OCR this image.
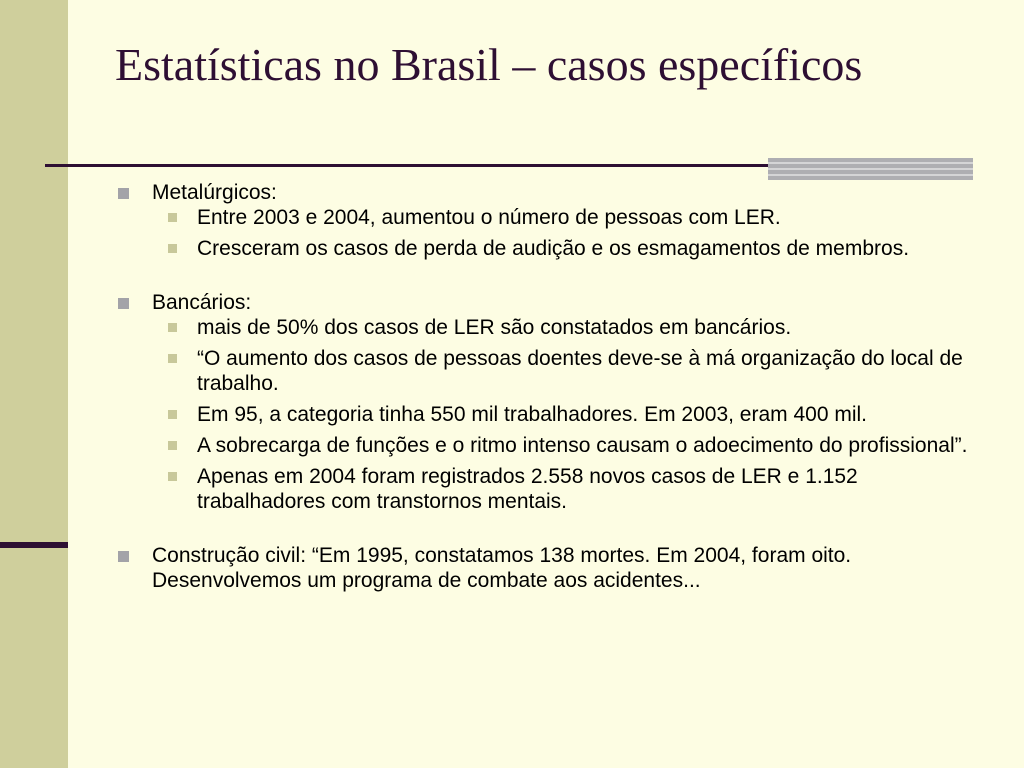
Estatísticas no Brasil – casos específicos
Metalúrgicos:
Entre 2003 e 2004, aumentou o número de pessoas com LER.
Cresceram os casos de perda de audição e os esmagamentos de membros.
Bancários:
mais de 50% dos casos de LER são constatados em bancários.
“O aumento dos casos de pessoas doentes deve-se à má organização do local de trabalho.
Em 95, a categoria tinha 550 mil trabalhadores. Em 2003, eram 400 mil.
A sobrecarga de funções e o ritmo intenso causam o adoecimento do profissional”.
Apenas em 2004 foram registrados 2.558 novos casos de LER e 1.152 trabalhadores com transtornos mentais.
Construção civil: “Em 1995, constatamos 138 mortes. Em 2004, foram oito. Desenvolvemos um programa de combate aos acidentes...
